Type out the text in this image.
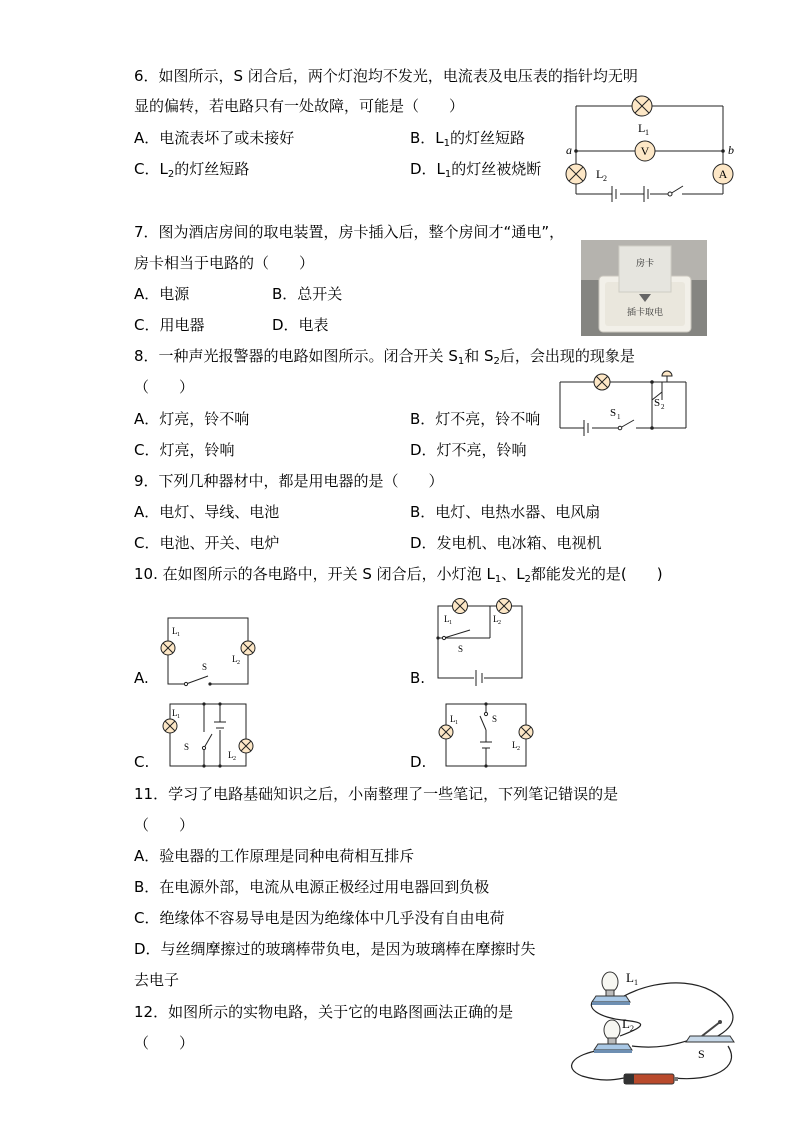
6．如图所示，S 闭合后，两个灯泡均不发光，电流表及电压表的指针均无明
显的偏转，若电路只有一处故障，可能是（　　）
A．电流表坏了或未接好	B．$L_1$的灯丝短路
C．$L_2$的灯丝短路	D．$L_1$的灯丝被烧断
V
A
L 1
L 2
a	b
7．图为酒店房间的取电装置，房卡插入后，整个房间才“通电”，
房卡相当于电路的（　　）
A．电源	B．总开关
C．用电器	D．电表
房卡
插卡取电
8．一种声光报警器的电路如图所示。闭合开关 $S_1$和 $S_2$后，会出现的现象是
（　　）
A．灯亮，铃不响	B．灯不亮，铃不响
C．灯亮，铃响	D．灯不亮，铃响
S 1
S 2
9．下列几种器材中，都是用电器的是（　　）
A．电灯、导线、电池	B．电灯、电热水器、电风扇
C．电池、开关、电炉	D．发电机、电冰箱、电视机
10. 在如图所示的各电路中，开关 S 闭合后，小灯泡 $L_1$、$L_2$都能发光的是(　　)
A.
L 1
L 2
S
B.
L 1	L 2
S
C.
L 1
L 2
S
D.
L 1
L 2
S
11．学习了电路基础知识之后，小南整理了一些笔记，下列笔记错误的是
（　　）
A．验电器的工作原理是同种电荷相互排斥
B．在电源外部，电流从电源正极经过用电器回到负极
C．绝缘体不容易导电是因为绝缘体中几乎没有自由电荷
D．与丝绸摩擦过的玻璃棒带负电，是因为玻璃棒在摩擦时失
去电子
12．如图所示的实物电路，关于它的电路图画法正确的是
（　　）
L 1
L 2
S
